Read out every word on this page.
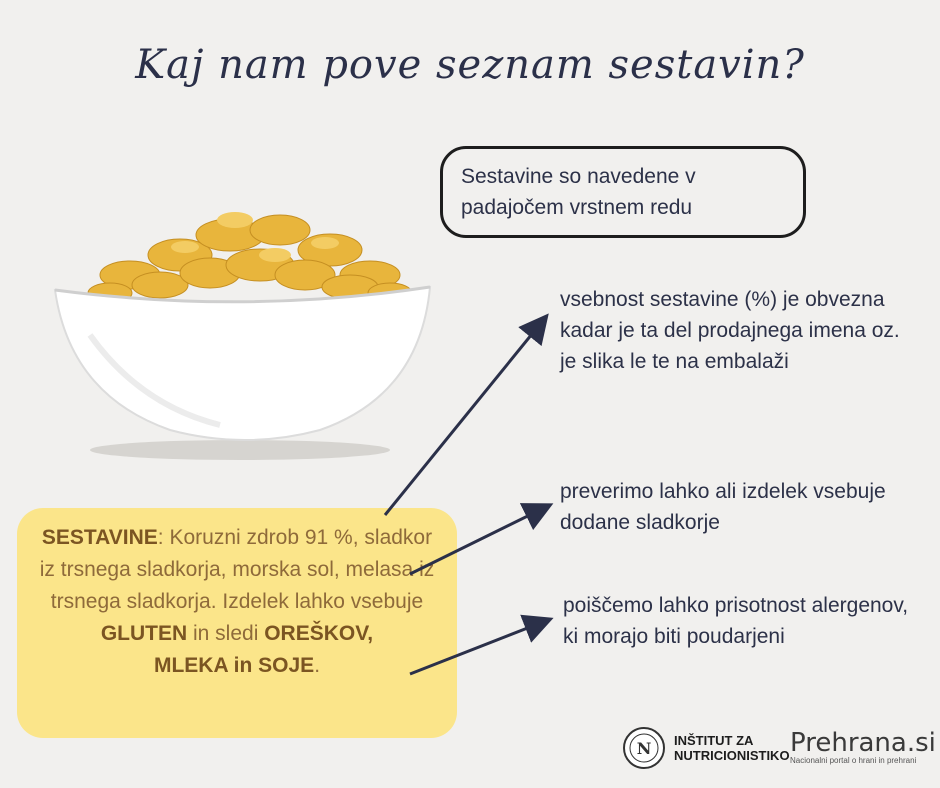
Kaj nam pove seznam sestavin?
Sestavine so navedene v padajočem vrstnem redu
vsebnost sestavine (%) je obvezna kadar je ta del prodajnega imena oz. je slika le te na embalaži
preverimo lahko ali izdelek vsebuje dodane sladkorje
poiščemo lahko prisotnost alergenov, ki morajo biti poudarjeni
SESTAVINE: Koruzni zdrob 91 %, sladkor iz trsnega sladkorja, morska sol, melasa iz trsnega sladkorja. Izdelek lahko vsebuje GLUTEN in sledi OREŠKOV,
MLEKA in SOJE.
N INŠTITUT ZA
NUTRICIONISTIKO Prehrana.si
Nacionalni portal o hrani in prehrani
